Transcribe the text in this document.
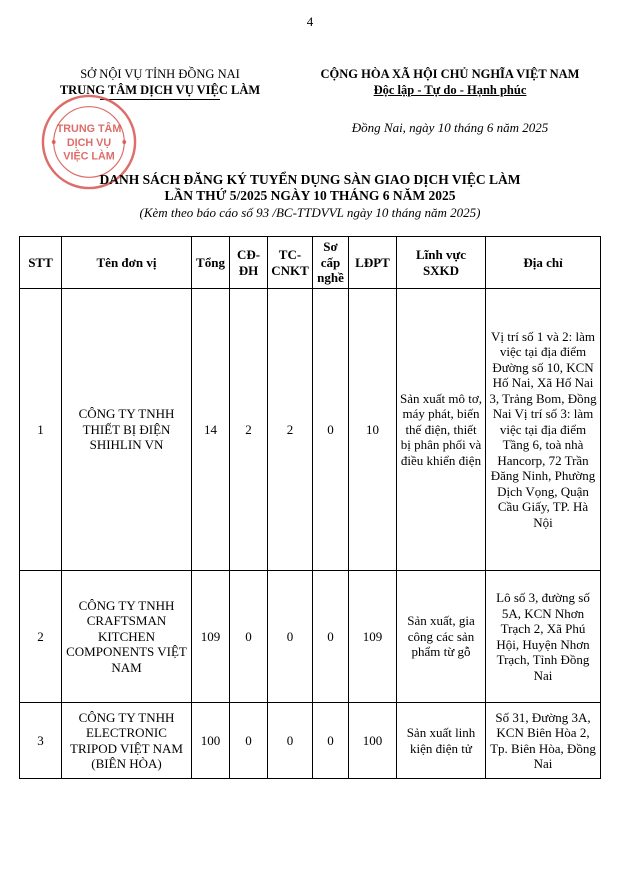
4
SỞ NỘI VỤ TỈNH ĐỒNG NAI
TRUNG TÂM DỊCH VỤ VIỆC LÀM
CỘNG HÒA XÃ HỘI CHỦ NGHĨA VIỆT NAM
Độc lập - Tự do - Hạnh phúc
Đồng Nai, ngày 10 tháng 6 năm 2025
TRUNG TÂM
DỊCH VỤ
VIỆC LÀM
DANH SÁCH ĐĂNG KÝ TUYỂN DỤNG SÀN GIAO DỊCH VIỆC LÀM
LẦN THỨ 5/2025 NGÀY 10 THÁNG 6 NĂM 2025
(Kèm theo báo cáo số 93 /BC-TTDVVL ngày 10 tháng năm 2025)
STT	Tên đơn vị	Tổng	CĐ-ĐH	TC-CNKT	Sơ cấp nghề	LĐPT	Lĩnh vực SXKD	Địa chỉ
1	CÔNG TY TNHH THIẾT BỊ ĐIỆN SHIHLIN VN	14	2	2	0	10	Sản xuất mô tơ, máy phát, biến thế điện, thiết bị phân phối và điều khiển điện	Vị trí số 1 và 2: làm việc tại địa điểm Đường số 10, KCN Hố Nai, Xã Hố Nai 3, Trảng Bom, Đồng Nai Vị trí số 3: làm việc tại địa điểm Tầng 6, toà nhà Hancorp, 72 Trần Đăng Ninh, Phường Dịch Vọng, Quận Cầu Giấy, TP. Hà Nội
2	CÔNG TY TNHH CRAFTSMAN KITCHEN COMPONENTS VIỆT NAM	109	0	0	0	109	Sản xuất, gia công các sản phẩm từ gỗ	Lô số 3, đường số 5A, KCN Nhơn Trạch 2, Xã Phú Hội, Huyện Nhơn Trạch, Tỉnh Đồng Nai
3	CÔNG TY TNHH ELECTRONIC TRIPOD VIỆT NAM (BIÊN HÒA)	100	0	0	0	100	Sản xuất linh kiện điện tử	Số 31, Đường 3A, KCN Biên Hòa 2, Tp. Biên Hòa, Đồng Nai
